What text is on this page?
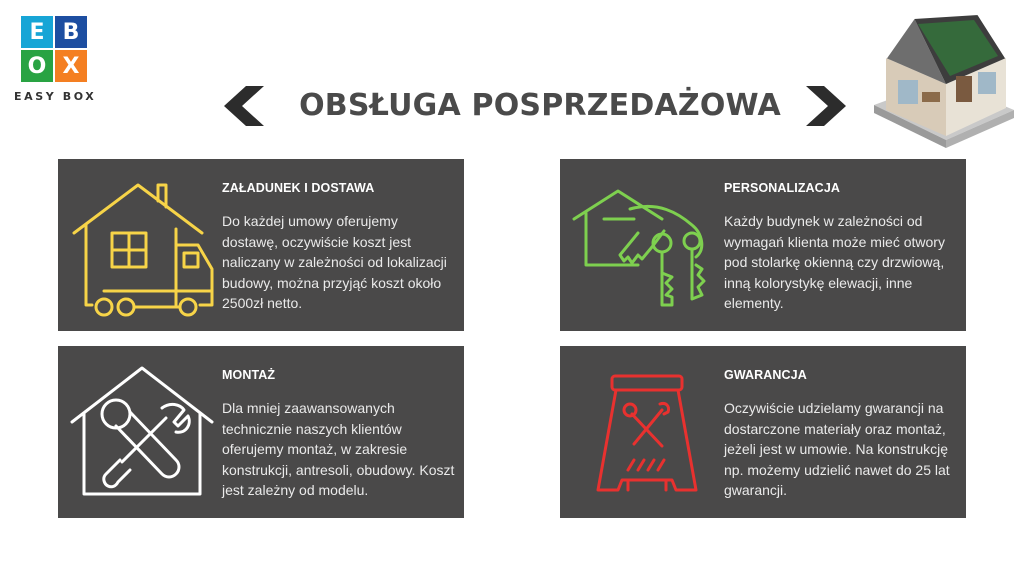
E B
O X
EASY BOX	OBSŁUGA POSPRZEDAŻOWA
ZAŁADUNEK I DOSTAWA
Do każdej umowy oferujemy dostawę, oczywiście koszt jest naliczany w zależności od lokalizacji budowy, można przyjąć koszt około 2500zł netto.
PERSONALIZACJA
Każdy budynek w zależności od wymagań klienta może mieć otwory pod stolarkę okienną czy drzwiową, inną kolorystykę elewacji, inne elementy.
MONTAŻ
Dla mniej zaawansowanych technicznie naszych klientów oferujemy montaż, w zakresie konstrukcji, antresoli, obudowy. Koszt jest zależny od modelu.
GWARANCJA
Oczywiście udzielamy gwarancji na dostarczone materiały oraz montaż, jeżeli jest w umowie. Na konstrukcję np. możemy udzielić nawet do 25 lat gwarancji.
